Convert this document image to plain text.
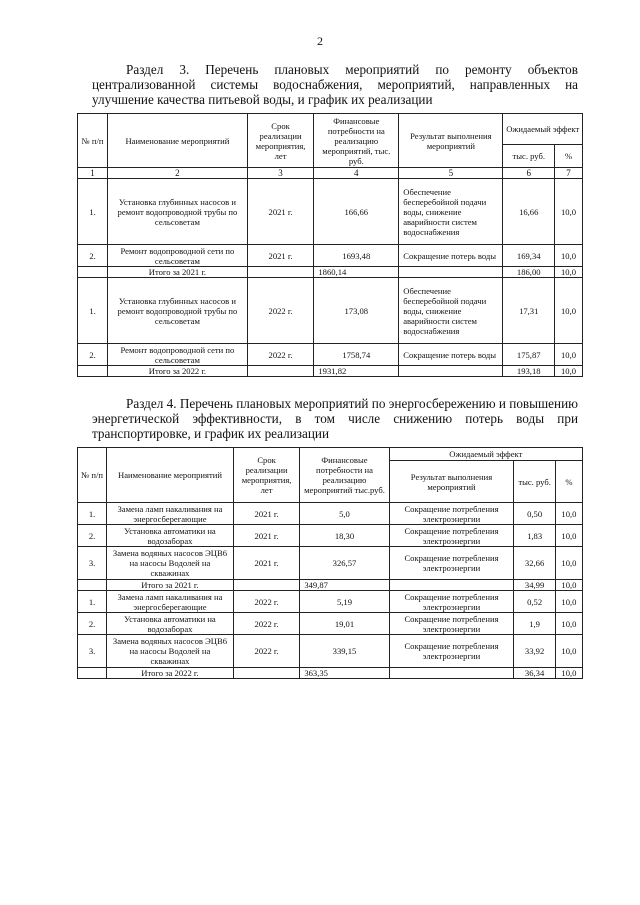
2

Раздел 3. Перечень плановых мероприятий по ремонту объектов централизованной системы водоснабжения, мероприятий, направленных на улучшение качества питьевой воды, и график их реализации

№ п/п	Наименование мероприятий	Срок реализации мероприятия, лет	Финансовые потребности на реализацию мероприятий, тыс. руб.	Результат выполнения мероприятий	Ожидаемый эффект	
					тыс. руб.	%
1	2	3	4	5	6	7
1.	Установка глубинных насосов и ремонт водопроводной трубы по сельсоветам	2021 г.	166,66	Обеспечение бесперебойной подачи воды, снижение аварийности систем водоснабжения	16,66	10,0
2.	Ремонт водопроводной сети по сельсоветам	2021 г.	1693,48	Сокращение потерь воды	169,34	10,0
	Итого за 2021 г.		1860,14		186,00	10,0
1.	Установка глубинных насосов и ремонт водопроводной трубы по сельсоветам	2022 г.	173,08	Обеспечение бесперебойной подачи воды, снижение аварийности систем водоснабжения	17,31	10,0
2.	Ремонт водопроводной сети по сельсоветам	2022 г.	1758,74	Сокращение потерь воды	175,87	10,0
	Итого за 2022 г.		1931,82		193,18	10,0

Раздел 4. Перечень плановых мероприятий по энергосбережению и повышению энергетической эффективности, в том числе снижению потерь воды при транспортировке, и график их реализации

№ п/п	Наименование мероприятий	Срок реализации мероприятия, лет	Финансовые потребности на реализацию мероприятий тыс.руб.	Ожидаемый эффект		
				Результат выполнения мероприятий	тыс. руб.	%
1.	Замена ламп накаливания на энергосберегающие	2021 г.	5,0	Сокращение потребления электроэнергии	0,50	10,0
2.	Установка автоматики на водозаборах	2021 г.	18,30	Сокращение потребления электроэнергии	1,83	10,0
3.	Замена водяных насосов ЭЦВ6 на насосы Водолей на скважинах	2021 г.	326,57	Сокращение потребления электроэнергии	32,66	10,0
	Итого за 2021 г.		349,87		34,99	10,0
1.	Замена ламп накаливания на энергосберегающие	2022 г.	5,19	Сокращение потребления электроэнергии	0,52	10,0
2.	Установка автоматики на водозаборах	2022 г.	19,01	Сокращение потребления электроэнергии	1,9	10,0
3.	Замена водяных насосов ЭЦВ6 на насосы Водолей на скважинах	2022 г.	339,15	Сокращение потребления электроэнергии	33,92	10,0
	Итого за 2022 г.		363,35		36,34	10,0
